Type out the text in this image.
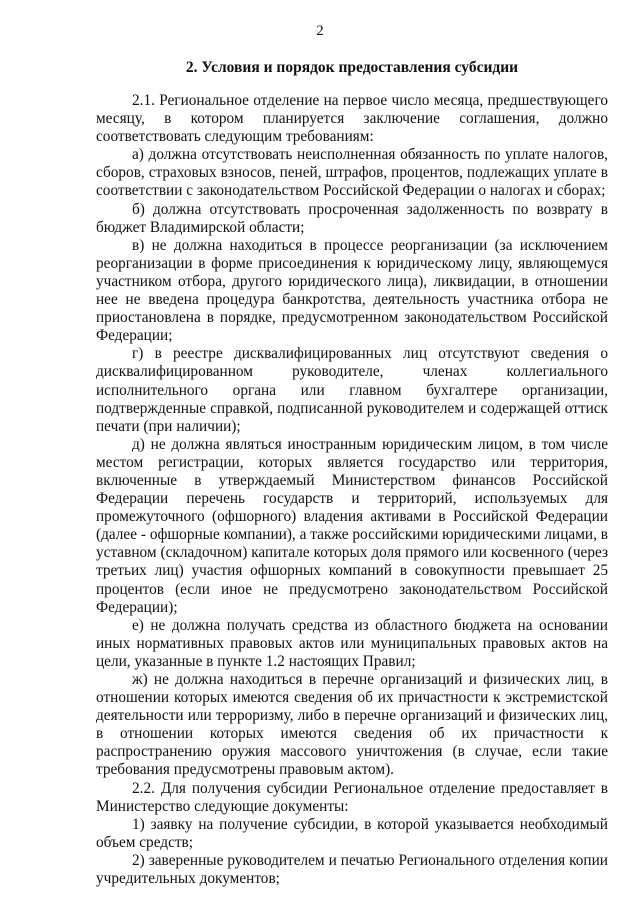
2
2. Условия и порядок предоставления субсидии

2.1. Региональное отделение на первое число месяца, предшествующего месяцу, в котором планируется заключение соглашения, должно соответствовать следующим требованиям:

а) должна отсутствовать неисполненная обязанность по уплате налогов, сборов, страховых взносов, пеней, штрафов, процентов, подлежащих уплате в соответствии с законодательством Российской Федерации о налогах и сборах;

б) должна отсутствовать просроченная задолженность по возврату в бюджет Владимирской области;

в) не должна находиться в процессе реорганизации (за исключением реорганизации в форме присоединения к юридическому лицу, являющемуся участником отбора, другого юридического лица), ликвидации, в отношении нее не введена процедура банкротства, деятельность участника отбора не приостановлена в порядке, предусмотренном законодательством Российской Федерации;

г) в реестре дисквалифицированных лиц отсутствуют сведения о дисквалифицированном руководителе, членах коллегиального исполнительного органа или главном бухгалтере организации, подтвержденные справкой, подписанной руководителем и содержащей оттиск печати (при наличии);

д) не должна являться иностранным юридическим лицом, в том числе местом регистрации, которых является государство или территория, включенные в утверждаемый Министерством финансов Российской Федерации перечень государств и территорий, используемых для промежуточного (офшорного) владения активами в Российской Федерации (далее - офшорные компании), а также российскими юридическими лицами, в уставном (складочном) капитале которых доля прямого или косвенного (через третьих лиц) участия офшорных компаний в совокупности превышает 25 процентов (если иное не предусмотрено законодательством Российской Федерации);

е) не должна получать средства из областного бюджета на основании иных нормативных правовых актов или муниципальных правовых актов на цели, указанные в пункте 1.2 настоящих Правил;

ж) не должна находиться в перечне организаций и физических лиц, в отношении которых имеются сведения об их причастности к экстремистской деятельности или терроризму, либо в перечне организаций и физических лиц, в отношении которых имеются сведения об их причастности к распространению оружия массового уничтожения (в случае, если такие требования предусмотрены правовым актом).

2.2. Для получения субсидии Региональное отделение предоставляет в Министерство следующие документы:

1) заявку на получение субсидии, в которой указывается необходимый объем средств;

2) заверенные руководителем и печатью Регионального отделения копии учредительных документов;
